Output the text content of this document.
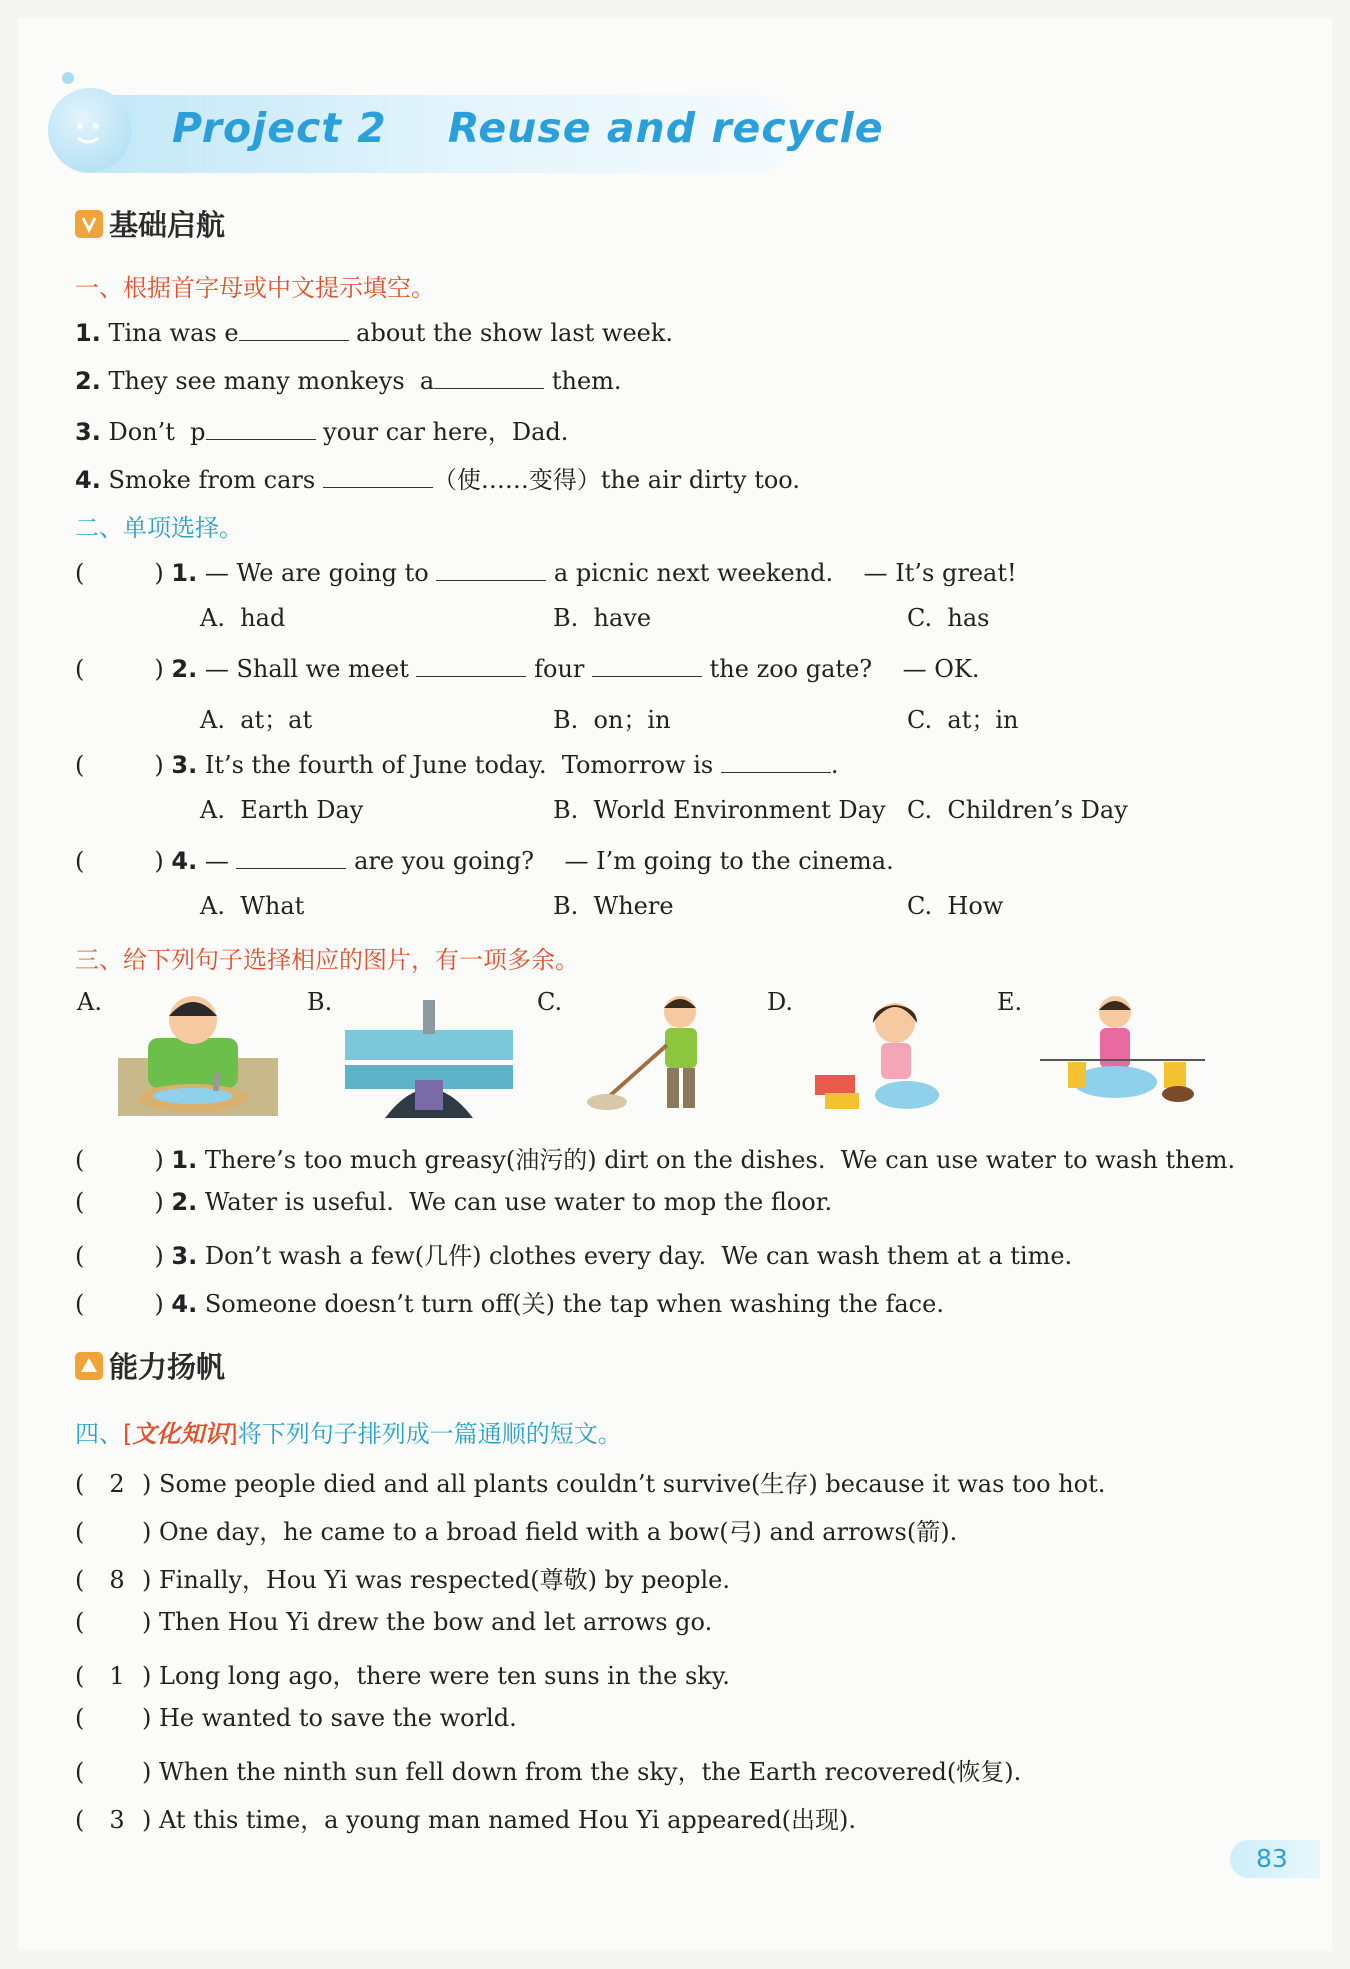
Project 2    Reuse and recycle
基础启航
一、根据首字母或中文提示填空。
1. Tina was e	about the show last week.
2. They see many monkeys  a	them.
3. Don’t  p	your car here，Dad.
4. Smoke from cars	（使……变得）the air dirty too.
二、单项选择。
(	) 1. — We are going to	a picnic next weekend.    — It’s great!
A.  had	B.  have	C.  has
(	) 2. — Shall we meet	four	the zoo gate?    — OK.
A.  at；at	B.  on；in	C.  at；in
(	) 3. It’s the fourth of June today.  Tomorrow is	.
A.  Earth Day	B.  World Environment Day C.  Children’s Day
(	) 4. —	are you going?    — I’m going to the cinema.
A.  What	B.  Where	C.  How
三、给下列句子选择相应的图片，有一项多余。
A.	B.	C.	D.	E.
(	) 1. There’s too much greasy(油污的) dirt on the dishes.  We can use water to wash them.
(	) 2. Water is useful.  We can use water to mop the floor.
(	) 3. Don’t wash a few(几件) clothes every day.  We can wash them at a time.
(	) 4. Someone doesn’t turn off(关) the tap when washing the face.
能力扬帆
四、[文化知识]将下列句子排列成一篇通顺的短文。
( 2 ) Some people died and all plants couldn’t survive(生存) because it was too hot.
( ) One day，he came to a broad field with a bow(弓) and arrows(箭).
( 8 ) Finally，Hou Yi was respected(尊敬) by people.
( ) Then Hou Yi drew the bow and let arrows go.
( 1 ) Long long ago，there were ten suns in the sky.
( ) He wanted to save the world.
( ) When the ninth sun fell down from the sky，the Earth recovered(恢复).
( 3 ) At this time，a young man named Hou Yi appeared(出现).
83
